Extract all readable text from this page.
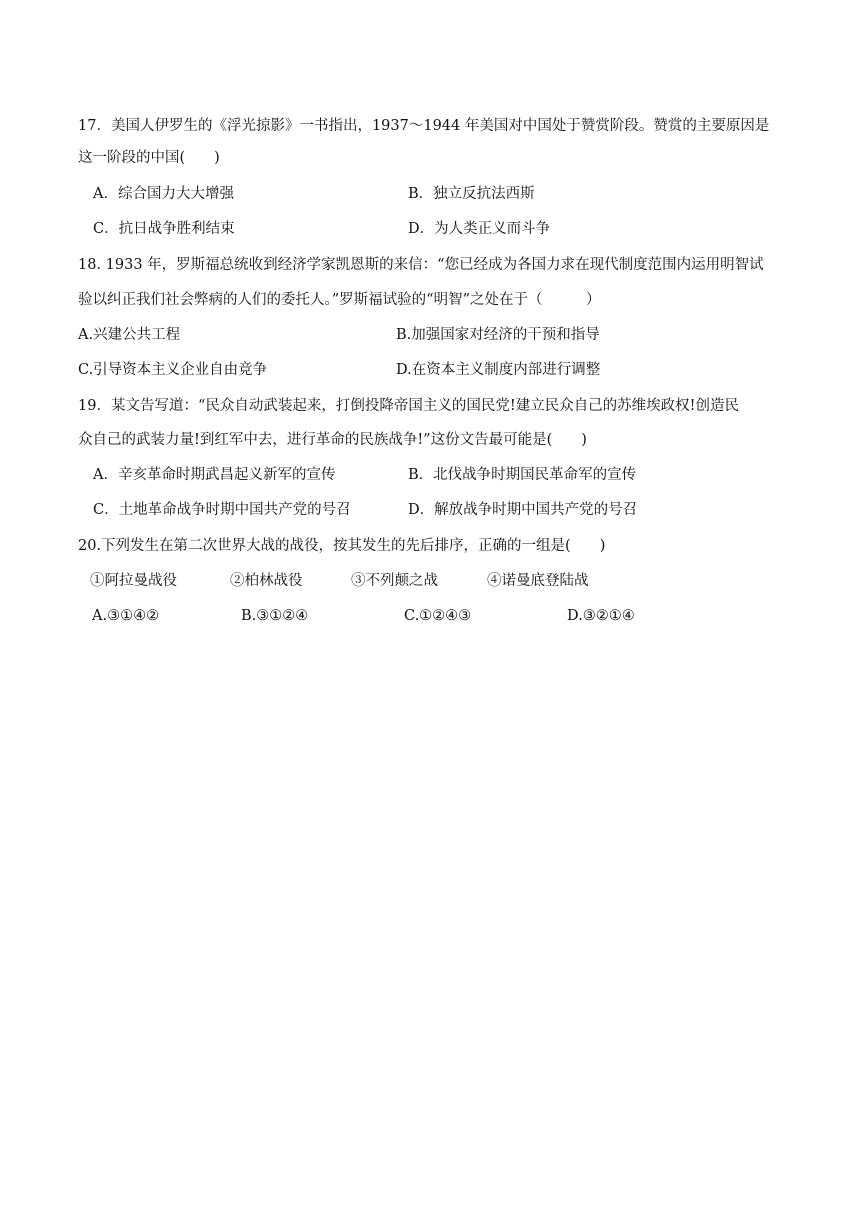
17．美国人伊罗生的《浮光掠影》一书指出，1937～1944 年美国对中国处于赞赏阶段。赞赏的主要原因是
这一阶段的中国(　　)
A．综合国力大大增强	B．独立反抗法西斯
C．抗日战争胜利结束	D．为人类正义而斗争
18. 1933 年，罗斯福总统收到经济学家凯恩斯的来信：“您已经成为各国力求在现代制度范围内运用明智试
验以纠正我们社会弊病的人们的委托人。”罗斯福试验的“明智”之处在于（　　　）
A.兴建公共工程	B.加强国家对经济的干预和指导
C.引导资本主义企业自由竞争	D.在资本主义制度内部进行调整
19．某文告写道：“民众自动武装起来，打倒投降帝国主义的国民党!建立民众自己的苏维埃政权!创造民
众自己的武装力量!到红军中去，进行革命的民族战争!”这份文告最可能是(　　)
A．辛亥革命时期武昌起义新军的宣传	B．北伐战争时期国民革命军的宣传
C．土地革命战争时期中国共产党的号召	D．解放战争时期中国共产党的号召
20.下列发生在第二次世界大战的战役，按其发生的先后排序，正确的一组是(　　)
①阿拉曼战役	②柏林战役	③不列颠之战	④诺曼底登陆战
A.③①④②	B.③①②④	C.①②④③	D.③②①④
